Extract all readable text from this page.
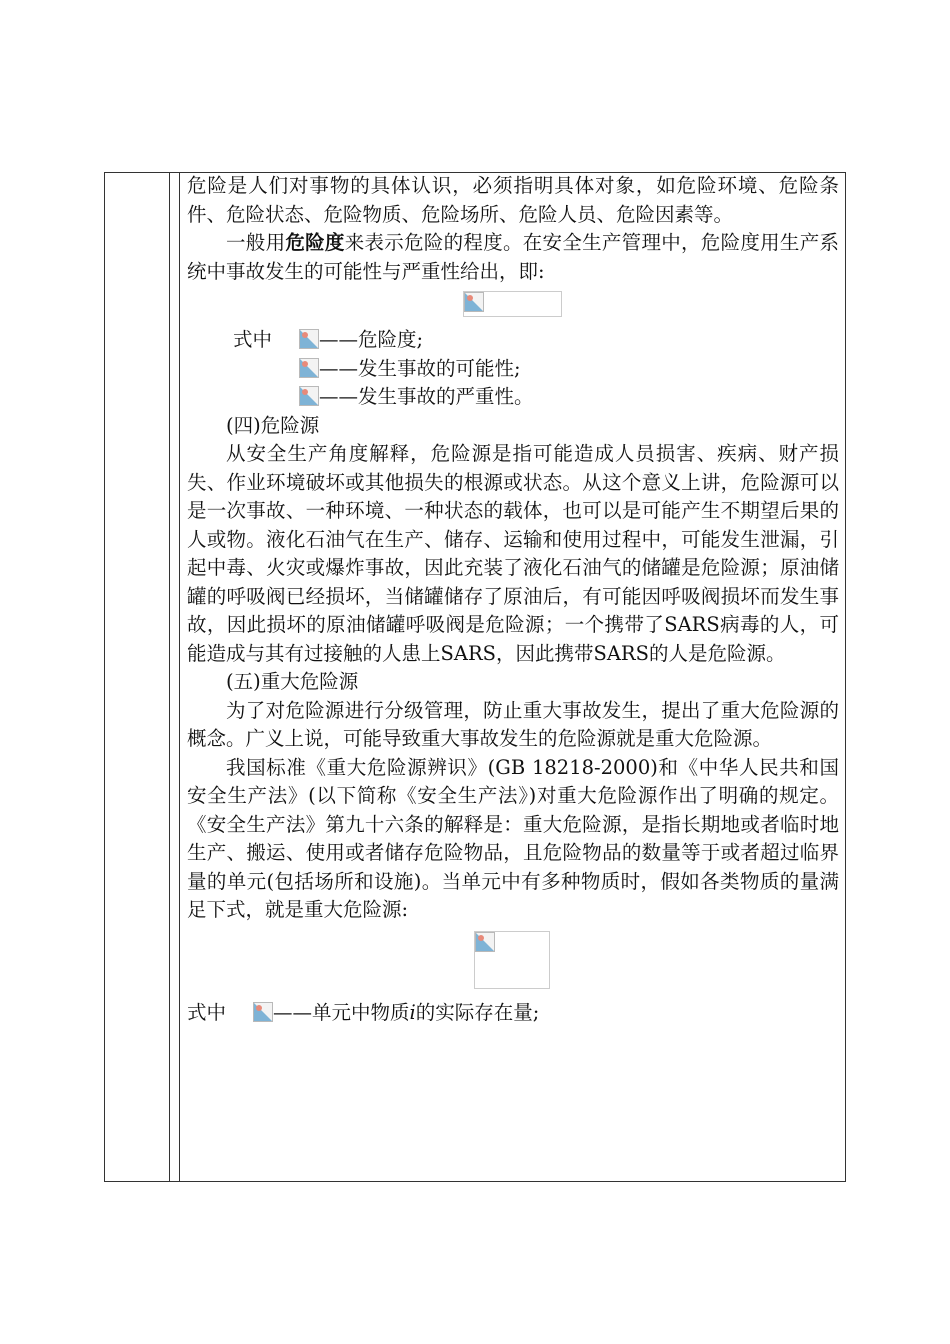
危险是人们对事物的具体认识，必须指明具体对象，如危险环境、危险条件、危险状态、危险物质、危险场所、危险人员、危险因素等。

一般用危险度来表示危险的程度。在安全生产管理中，危险度用生产系统中事故发生的可能性与严重性给出，即:

式中 ——危险度;
——发生事故的可能性;
——发生事故的严重性。

(四)危险源

从安全生产角度解释，危险源是指可能造成人员损害、疾病、财产损失、作业环境破坏或其他损失的根源或状态。从这个意义上讲，危险源可以是一次事故、一种环境、一种状态的载体，也可以是可能产生不期望后果的人或物。液化石油气在生产、储存、运输和使用过程中，可能发生泄漏，引起中毒、火灾或爆炸事故，因此充装了液化石油气的储罐是危险源；原油储罐的呼吸阀已经损坏，当储罐储存了原油后，有可能因呼吸阀损坏而发生事故，因此损坏的原油储罐呼吸阀是危险源；一个携带了SARS病毒的人，可能造成与其有过接触的人患上SARS，因此携带SARS的人是危险源。

(五)重大危险源

为了对危险源进行分级管理，防止重大事故发生，提出了重大危险源的概念。广义上说，可能导致重大事故发生的危险源就是重大危险源。

我国标准《重大危险源辨识》(GB 18218-2000)和《中华人民共和国安全生产法》(以下简称《安全生产法》)对重大危险源作出了明确的规定。《安全生产法》第九十六条的解释是：重大危险源，是指长期地或者临时地生产、搬运、使用或者储存危险物品，且危险物品的数量等于或者超过临界量的单元(包括场所和设施)。当单元中有多种物质时，假如各类物质的量满足下式，就是重大危险源:

式中 ——单元中物质i的实际存在量;
